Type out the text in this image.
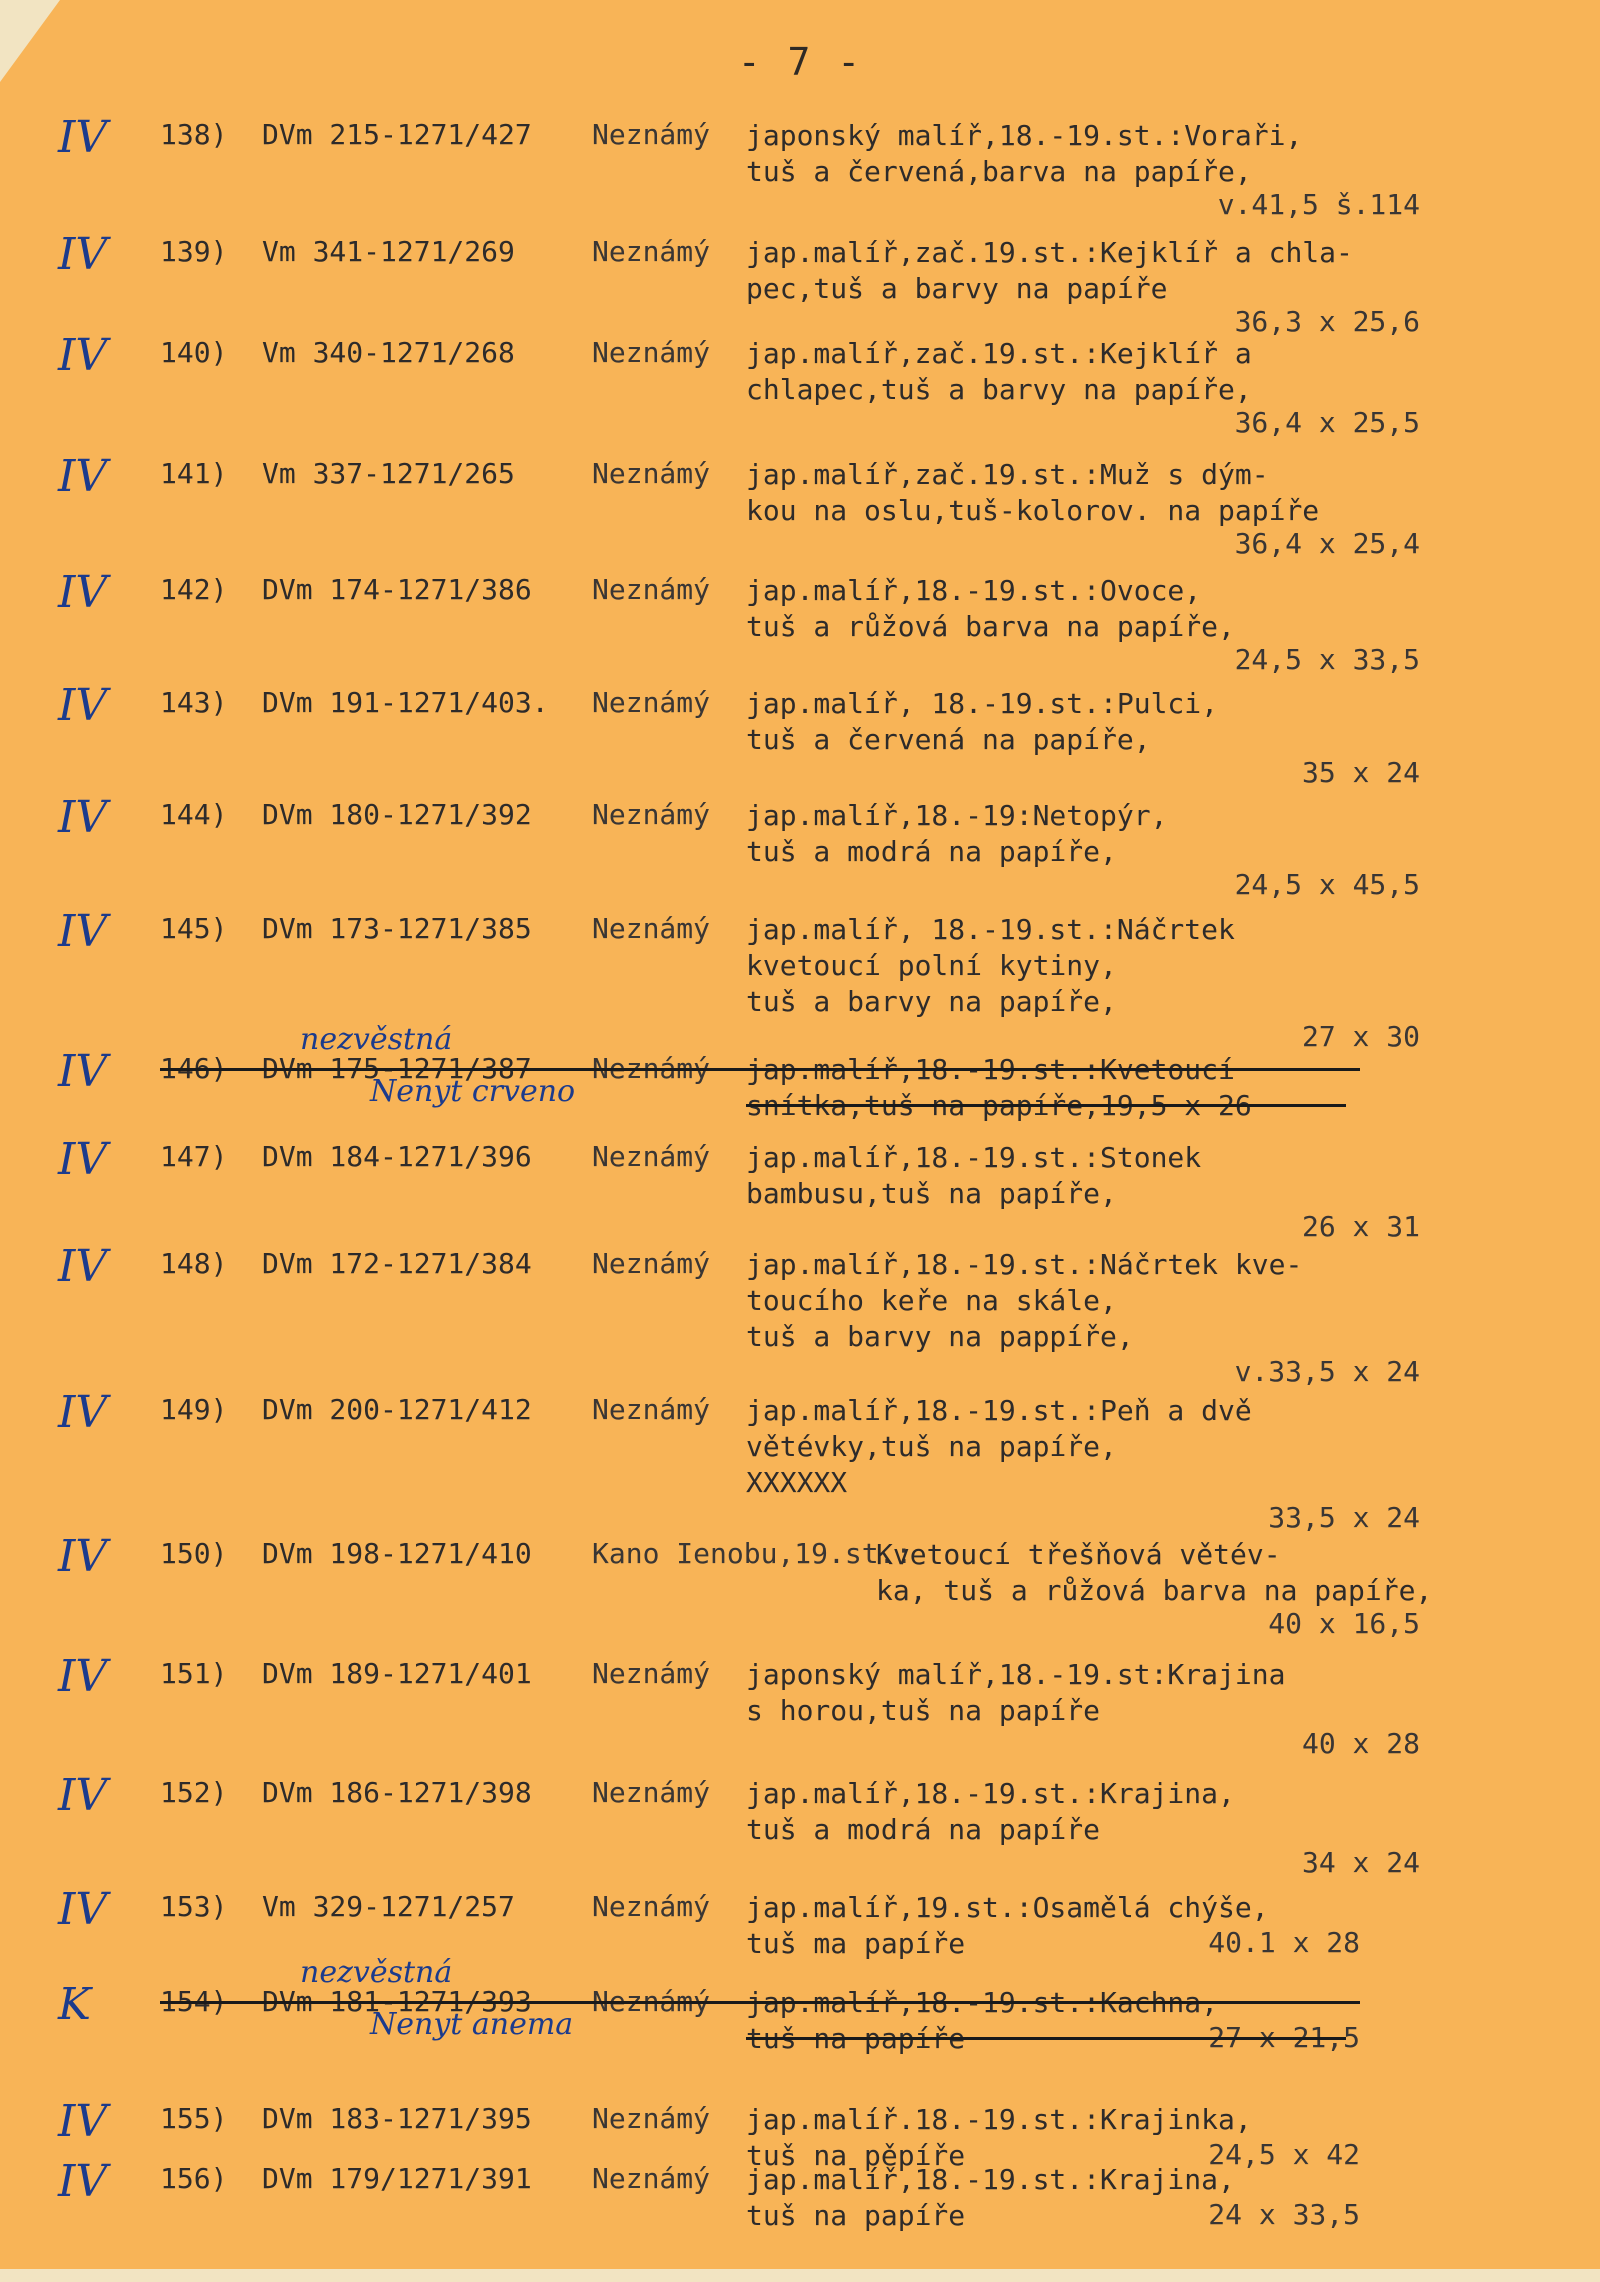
- 7 -
IV	138) DVm 215-1271/427 Neznámý japonský malíř,18.-19.st.:Voraři,
tuš a červená,barva na papíře,
v.41,5 š.114
IV	139) Vm 341-1271/269	Neznámý jap.malíř,zač.19.st.:Kejklíř a chla-
pec,tuš a barvy na papíře
36,3 x 25,6
IV	140) Vm 340-1271/268	Neznámý jap.malíř,zač.19.st.:Kejklíř a
chlapec,tuš a barvy na papíře,
36,4 x 25,5
IV	141) Vm 337-1271/265	Neznámý jap.malíř,zač.19.st.:Muž s dým-
kou na oslu,tuš-kolorov. na papíře
36,4 x 25,4
IV	142) DVm 174-1271/386 Neznámý jap.malíř,18.-19.st.:Ovoce,
tuš a růžová barva na papíře,
24,5 x 33,5
IV	143) DVm 191-1271/403. Neznámý jap.malíř, 18.-19.st.:Pulci,
tuš a červená na papíře,
35 x 24
IV	144) DVm 180-1271/392 Neznámý jap.malíř,18.-19:Netopýr,
tuš a modrá na papíře,
24,5 x 45,5
IV	145) DVm 173-1271/385 Neznámý jap.malíř, 18.-19.st.:Náčrtek
kvetoucí polní kytiny,
tuš a barvy na papíře,
27 x 30
IV	146) DVm 175-1271/387 Neznámý jap.malíř,18.-19.st.:Kvetoucí
snítka,tuš na papíře,19,5 x 26
nezvěstná
Nenyt crveno
IV	147) DVm 184-1271/396 Neznámý jap.malíř,18.-19.st.:Stonek
bambusu,tuš na papíře,
26 x 31
IV	148) DVm 172-1271/384 Neznámý jap.malíř,18.-19.st.:Náčrtek kve-
toucího keře na skále,
tuš a barvy na pappíře,
v.33,5 x 24
IV	149) DVm 200-1271/412 Neznámý jap.malíř,18.-19.st.:Peň a dvě
větévky,tuš na papíře,
XXXXXX
33,5 x 24
IV	150) DVm 198-1271/410 Kano Ienobu,19.st.:
Kvetoucí třešňová větév-
ka, tuš a růžová barva na papíře,
40 x 16,5
IV	151) DVm 189-1271/401 Neznámý japonský malíř,18.-19.st:Krajina
s horou,tuš na papíře
40 x 28
IV	152) DVm 186-1271/398 Neznámý jap.malíř,18.-19.st.:Krajina,
tuš a modrá na papíře
34 x 24
IV	153) Vm 329-1271/257	Neznámý jap.malíř,19.st.:Osamělá chýše,
tuš ma papíře	40.1 x 28
K	154) DVm 181-1271/393 Neznámý jap.malíř,18.-19.st.:Kachna,
tuš na papíře	27 x 21,5
nezvěstná
Nenyt anema
IV	155) DVm 183-1271/395 Neznámý jap.malíř.18.-19.st.:Krajinka,
tuš na pěpíře	24,5 x 42
IV	156) DVm 179/1271/391 Neznámý jap.malíř,18.-19.st.:Krajina,
tuš na papíře	24 x 33,5
